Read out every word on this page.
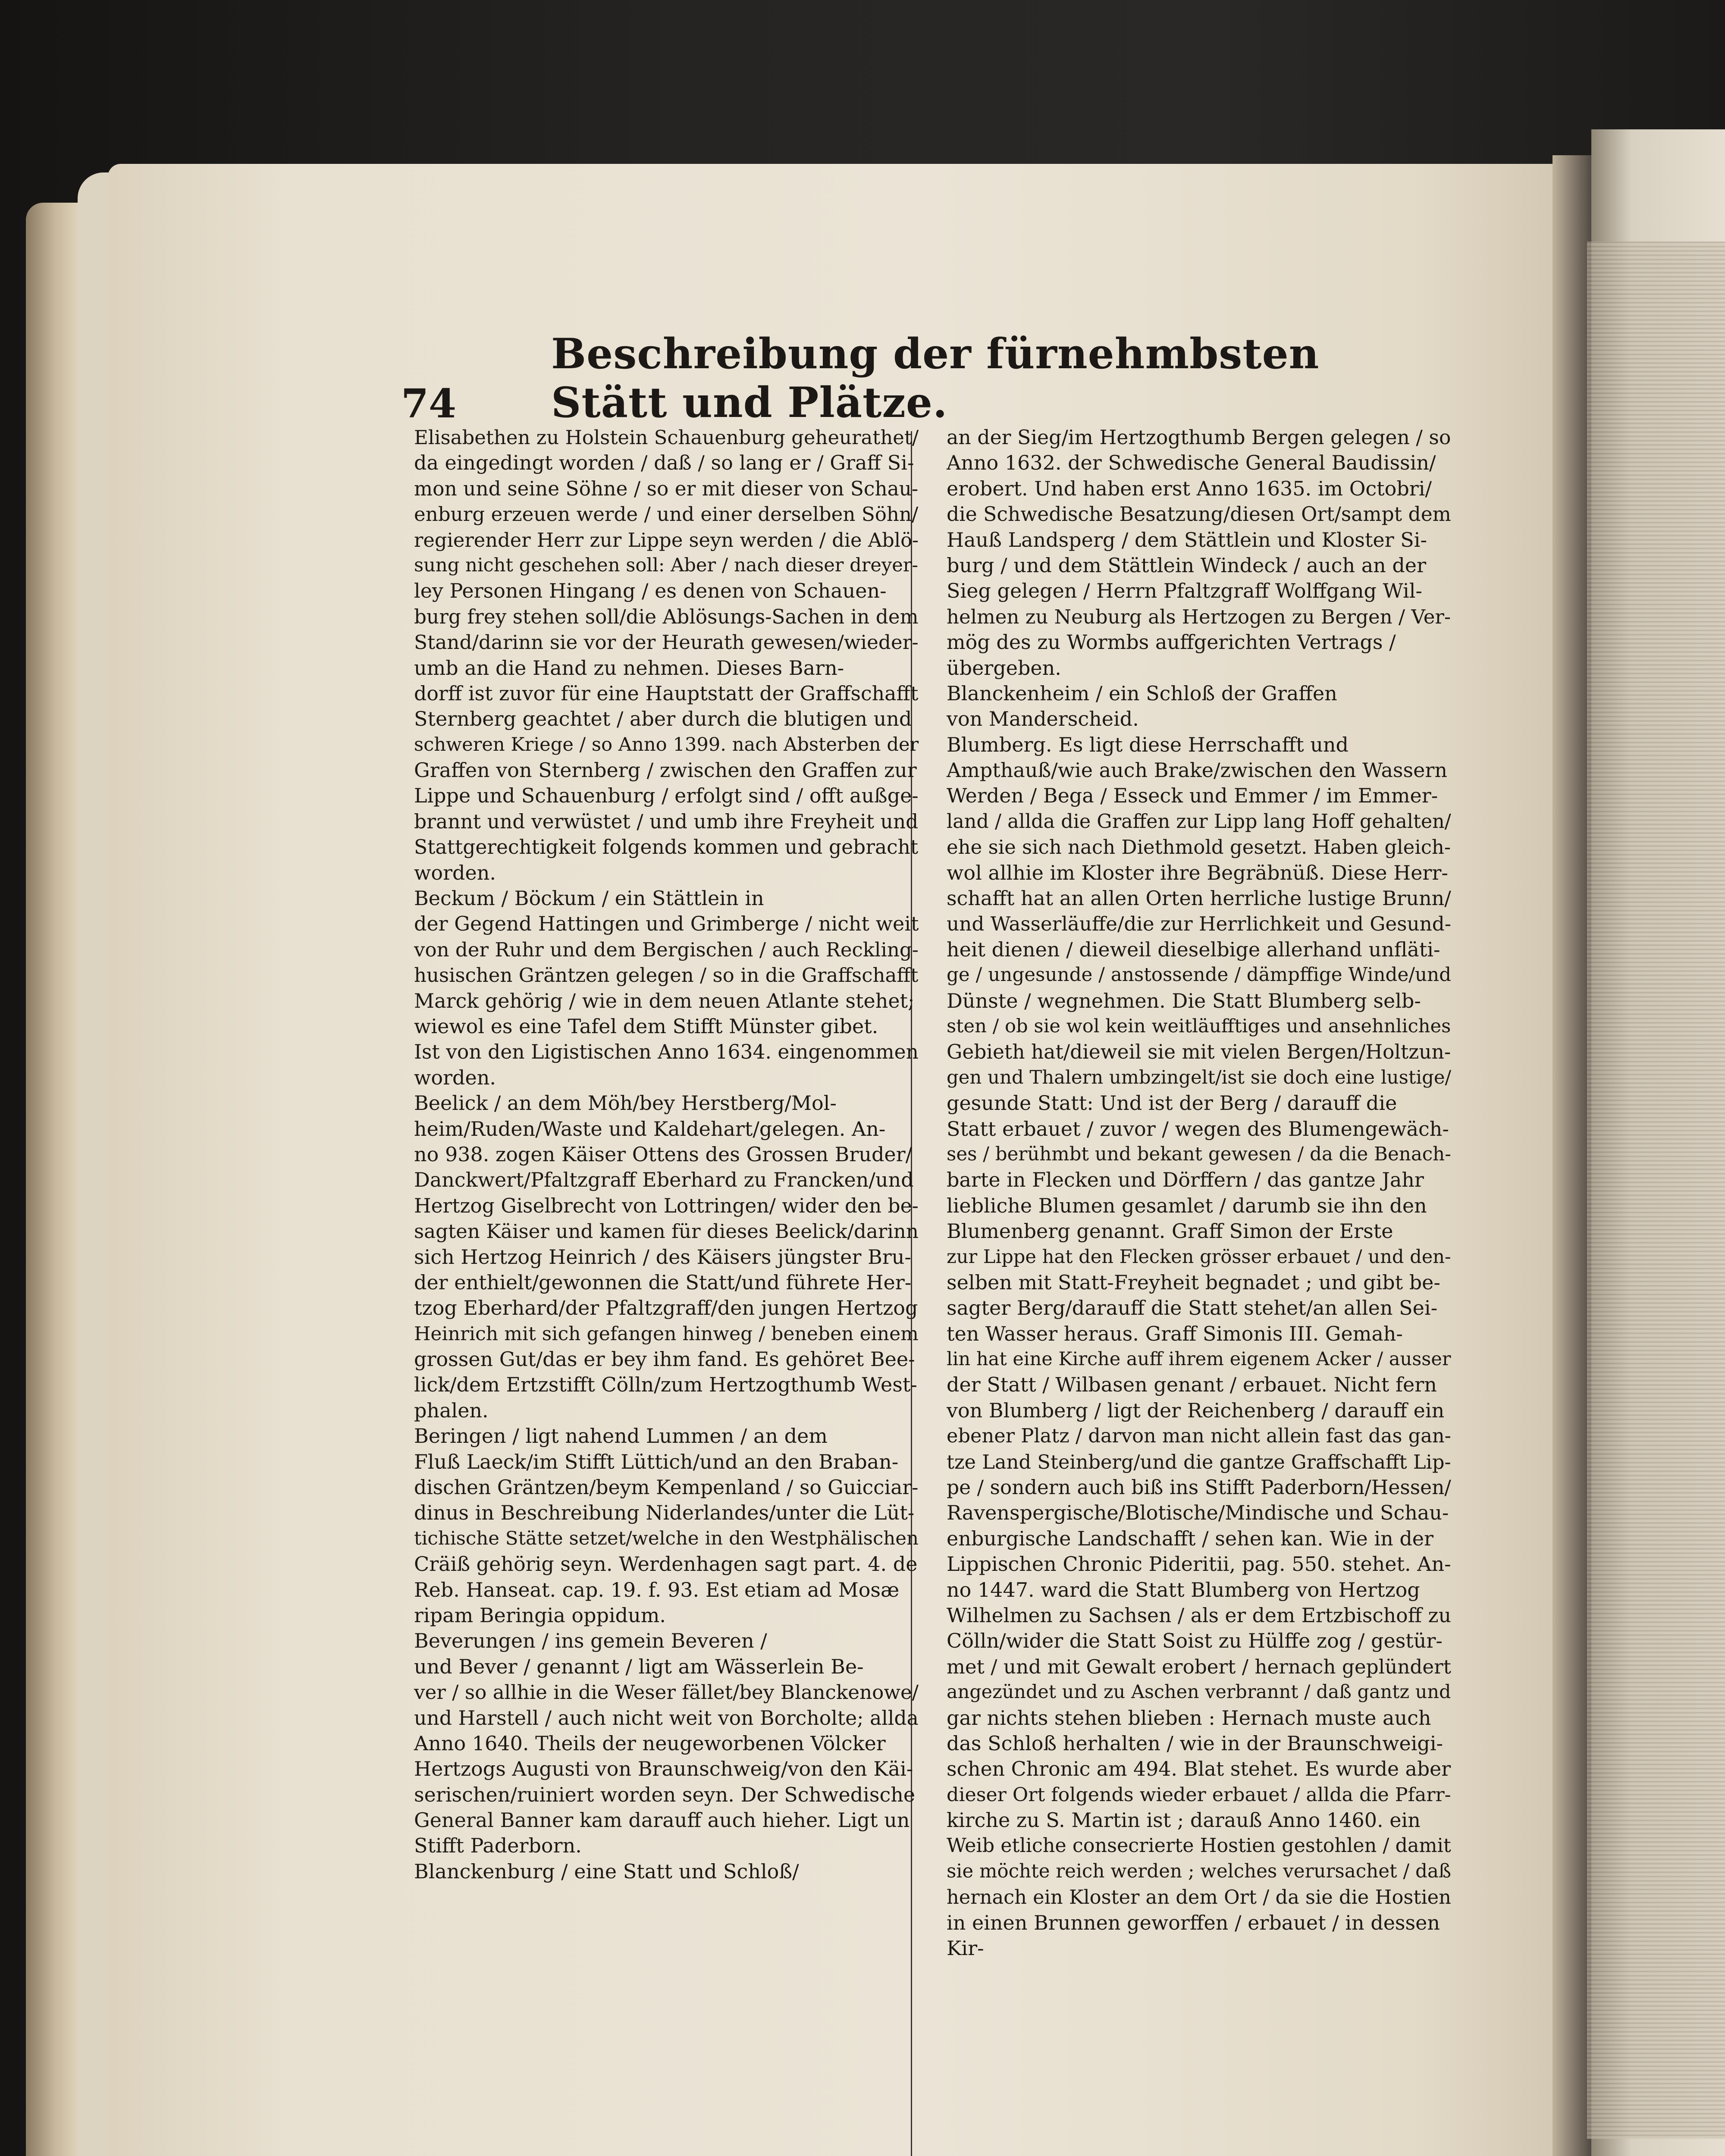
74
Beschreibung der fürnehmbsten Stätt und Plätze.
Elisabethen zu Holstein Schauenburg geheurathet/
da eingedingt worden / daß / so lang er / Graff Si-
mon und seine Söhne / so er mit dieser von Schau-
enburg erzeuen werde / und einer derselben Söhn/
regierender Herr zur Lippe seyn werden / die Ablö-
sung nicht geschehen soll: Aber / nach dieser dreyer-
ley Personen Hingang / es denen von Schauen-
burg frey stehen soll/die Ablösungs-Sachen in dem
Stand/darinn sie vor der Heurath gewesen/wieder-
umb an die Hand zu nehmen. Dieses Barn-
dorff ist zuvor für eine Hauptstatt der Graffschafft
Sternberg geachtet / aber durch die blutigen und
schweren Kriege / so Anno 1399. nach Absterben der
Graffen von Sternberg / zwischen den Graffen zur
Lippe und Schauenburg / erfolgt sind / offt außge-
brannt und verwüstet / und umb ihre Freyheit und
Stattgerechtigkeit folgends kommen und gebracht
worden.
Beckum / Böckum / ein Stättlein in
der Gegend Hattingen und Grimberge / nicht weit
von der Ruhr und dem Bergischen / auch Reckling-
husischen Gräntzen gelegen / so in die Graffschafft
Marck gehörig / wie in dem neuen Atlante stehet;
wiewol es eine Tafel dem Stifft Münster gibet.
Ist von den Ligistischen Anno 1634. eingenommen
worden.
Beelick / an dem Möh/bey Herstberg/Mol-
heim/Ruden/Waste und Kaldehart/gelegen. An-
no 938. zogen Käiser Ottens des Grossen Bruder/
Danckwert/Pfaltzgraff Eberhard zu Francken/und
Hertzog Giselbrecht von Lottringen/ wider den be-
sagten Käiser und kamen für dieses Beelick/darinn
sich Hertzog Heinrich / des Käisers jüngster Bru-
der enthielt/gewonnen die Statt/und führete Her-
tzog Eberhard/der Pfaltzgraff/den jungen Hertzog
Heinrich mit sich gefangen hinweg / beneben einem
grossen Gut/das er bey ihm fand. Es gehöret Bee-
lick/dem Ertzstifft Cölln/zum Hertzogthumb West-
phalen.
Beringen / ligt nahend Lummen / an dem
Fluß Laeck/im Stifft Lüttich/und an den Braban-
dischen Gräntzen/beym Kempenland / so Guicciar-
dinus in Beschreibung Niderlandes/unter die Lüt-
tichische Stätte setzet/welche in den Westphälischen
Cräiß gehörig seyn. Werdenhagen sagt part. 4. de
Reb. Hanseat. cap. 19. f. 93. Est etiam ad Mosæ
ripam Beringia oppidum.
Beverungen / ins gemein Beveren /
und Bever / genannt / ligt am Wässerlein Be-
ver / so allhie in die Weser fället/bey Blanckenowe/
und Harstell / auch nicht weit von Borcholte; allda
Anno 1640. Theils der neugeworbenen Völcker
Hertzogs Augusti von Braunschweig/von den Käi-
serischen/ruiniert worden seyn. Der Schwedische
General Banner kam darauff auch hieher. Ligt un
Stifft Paderborn.
Blanckenburg / eine Statt und Schloß/
an der Sieg/im Hertzogthumb Bergen gelegen / so
Anno 1632. der Schwedische General Baudissin/
erobert. Und haben erst Anno 1635. im Octobri/
die Schwedische Besatzung/diesen Ort/sampt dem
Hauß Landsperg / dem Stättlein und Kloster Si-
burg / und dem Stättlein Windeck / auch an der
Sieg gelegen / Herrn Pfaltzgraff Wolffgang Wil-
helmen zu Neuburg als Hertzogen zu Bergen / Ver-
mög des zu Wormbs auffgerichten Vertrags /
übergeben.
Blanckenheim / ein Schloß der Graffen
von Manderscheid.
Blumberg. Es ligt diese Herrschafft und
Ampthauß/wie auch Brake/zwischen den Wassern
Werden / Bega / Esseck und Emmer / im Emmer-
land / allda die Graffen zur Lipp lang Hoff gehalten/
ehe sie sich nach Diethmold gesetzt. Haben gleich-
wol allhie im Kloster ihre Begräbnüß. Diese Herr-
schafft hat an allen Orten herrliche lustige Brunn/
und Wasserläuffe/die zur Herrlichkeit und Gesund-
heit dienen / dieweil dieselbige allerhand unfläti-
ge / ungesunde / anstossende / dämpffige Winde/und
Dünste / wegnehmen. Die Statt Blumberg selb-
sten / ob sie wol kein weitläufftiges und ansehnliches
Gebieth hat/dieweil sie mit vielen Bergen/Holtzun-
gen und Thalern umbzingelt/ist sie doch eine lustige/
gesunde Statt: Und ist der Berg / darauff die
Statt erbauet / zuvor / wegen des Blumengewäch-
ses / berühmbt und bekant gewesen / da die Benach-
barte in Flecken und Dörffern / das gantze Jahr
liebliche Blumen gesamlet / darumb sie ihn den
Blumenberg genannt. Graff Simon der Erste
zur Lippe hat den Flecken grösser erbauet / und den-
selben mit Statt-Freyheit begnadet ; und gibt be-
sagter Berg/darauff die Statt stehet/an allen Sei-
ten Wasser heraus. Graff Simonis III. Gemah-
lin hat eine Kirche auff ihrem eigenem Acker / ausser
der Statt / Wilbasen genant / erbauet. Nicht fern
von Blumberg / ligt der Reichenberg / darauff ein
ebener Platz / darvon man nicht allein fast das gan-
tze Land Steinberg/und die gantze Graffschafft Lip-
pe / sondern auch biß ins Stifft Paderborn/Hessen/
Ravenspergische/Blotische/Mindische und Schau-
enburgische Landschafft / sehen kan. Wie in der
Lippischen Chronic Pideritii, pag. 550. stehet. An-
no 1447. ward die Statt Blumberg von Hertzog
Wilhelmen zu Sachsen / als er dem Ertzbischoff zu
Cölln/wider die Statt Soist zu Hülffe zog / gestür-
met / und mit Gewalt erobert / hernach geplündert
angezündet und zu Aschen verbrannt / daß gantz und
gar nichts stehen blieben : Hernach muste auch
das Schloß herhalten / wie in der Braunschweigi-
schen Chronic am 494. Blat stehet. Es wurde aber
dieser Ort folgends wieder erbauet / allda die Pfarr-
kirche zu S. Martin ist ; darauß Anno 1460. ein
Weib etliche consecrierte Hostien gestohlen / damit
sie möchte reich werden ; welches verursachet / daß
hernach ein Kloster an dem Ort / da sie die Hostien
in einen Brunnen geworffen / erbauet / in dessen
Kir-
